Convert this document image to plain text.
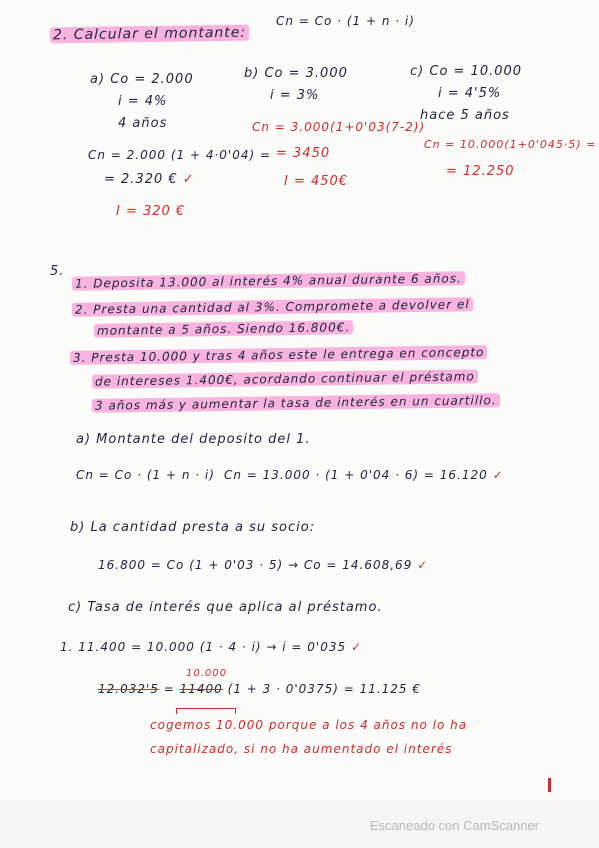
2. Calcular el montante:
Cn = Co · (1 + n · i)
a) Co = 2.000
i = 4%
4 años
Cn = 2.000 (1 + 4·0'04) =
= 2.320 € ✓
I = 320 €
b) Co = 3.000
i = 3%
Cn = 3.000(1+0'03(7-2))
= 3450
I = 450€
c) Co = 10.000
i = 4'5%
hace 5 años
Cn = 10.000(1+0'045·5) =
= 12.250
5. 1. Deposita 13.000 al interés 4% anual durante 6 años.
2. Presta una cantidad al 3%. Compromete a devolver el
montante a 5 años. Siendo 16.800€.
3. Presta 10.000 y tras 4 años este le entrega en concepto
de intereses 1.400€, acordando continuar el préstamo
3 años más y aumentar la tasa de interés en un cuartillo.
a) Montante del deposito del 1.
Cn = Co · (1 + n · i) Cn = 13.000 · (1 + 0'04 · 6) = 16.120 ✓
b) La cantidad presta a su socio:
16.800 = Co (1 + 0'03 · 5) → Co = 14.608,69 ✓
c) Tasa de interés que aplica al préstamo.
1. 11.400 = 10.000 (1 · 4 · i) → i = 0'035 ✓
10.000
12.032'5 = 11400 (1 + 3 · 0'0375) = 11.125 €
cogemos 10.000 porque a los 4 años no lo ha
capitalizado, si no ha aumentado el interés
Escaneado con CamScanner
